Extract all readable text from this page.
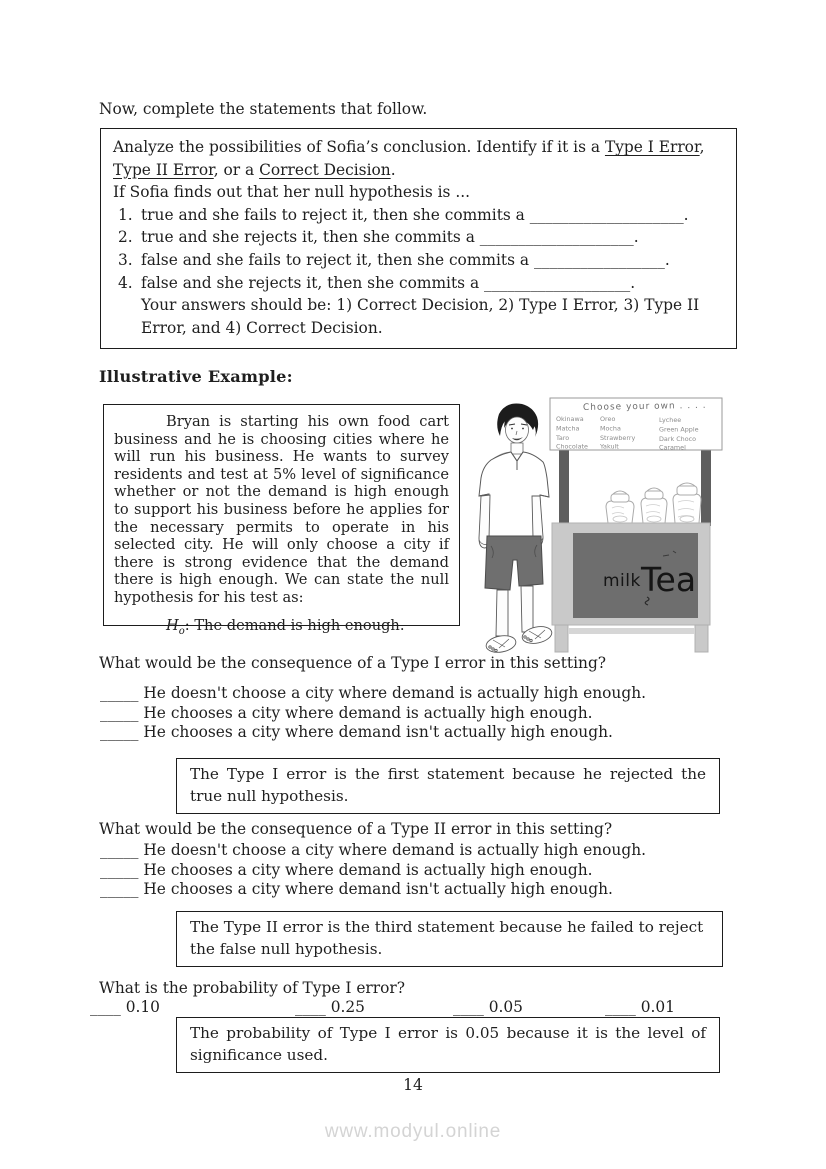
Now, complete the statements that follow.
Analyze the possibilities of Sofia’s conclusion. Identify if it is a Type I Error, Type II Error, or a Correct Decision.
If Sofia finds out that her null hypothesis is ...
1. true and she fails to reject it, then she commits a ____________________.
2. true and she rejects it, then she commits a ____________________.
3. false and she fails to reject it, then she commits a _________________.
4. false and she rejects it, then she commits a ___________________.
Your answers should be: 1) Correct Decision, 2) Type I Error, 3) Type II Error, and 4) Correct Decision.
Illustrative Example:

Bryan is starting his own food cart business and he is choosing cities where he will run his business. He wants to survey residents and test at 5% level of significance whether or not the demand is high enough to support his business before he applies for the necessary permits to operate in his selected city. He will only choose a city if there is strong evidence that the demand there is high enough. We can state the null hypothesis for his test as:

$H_o$: The demand is high enough.
Choose your own . . . .
Okinawa
Matcha
Taro
Chocolate
Oreo
Mocha
Strawberry
Yakult
Lychee
Green Apple
Dark Choco
Caramel
milk Tea
What would be the consequence of a Type I error in this setting?
_____ He doesn't choose a city where demand is actually high enough.
_____ He chooses a city where demand is actually high enough.
_____ He chooses a city where demand isn't actually high enough.

The Type I error is the first statement because he rejected the true null hypothesis.

What would be the consequence of a Type II error in this setting?
_____ He doesn't choose a city where demand is actually high enough.
_____ He chooses a city where demand is actually high enough.
_____ He chooses a city where demand isn't actually high enough.

The Type II error is the third statement because he failed to reject the false null hypothesis.

What is the probability of Type I error?
____ 0.10	____ 0.25	____ 0.05	____ 0.01

The probability of Type I error is 0.05 because it is the level of significance used.

14
www.modyul.online
